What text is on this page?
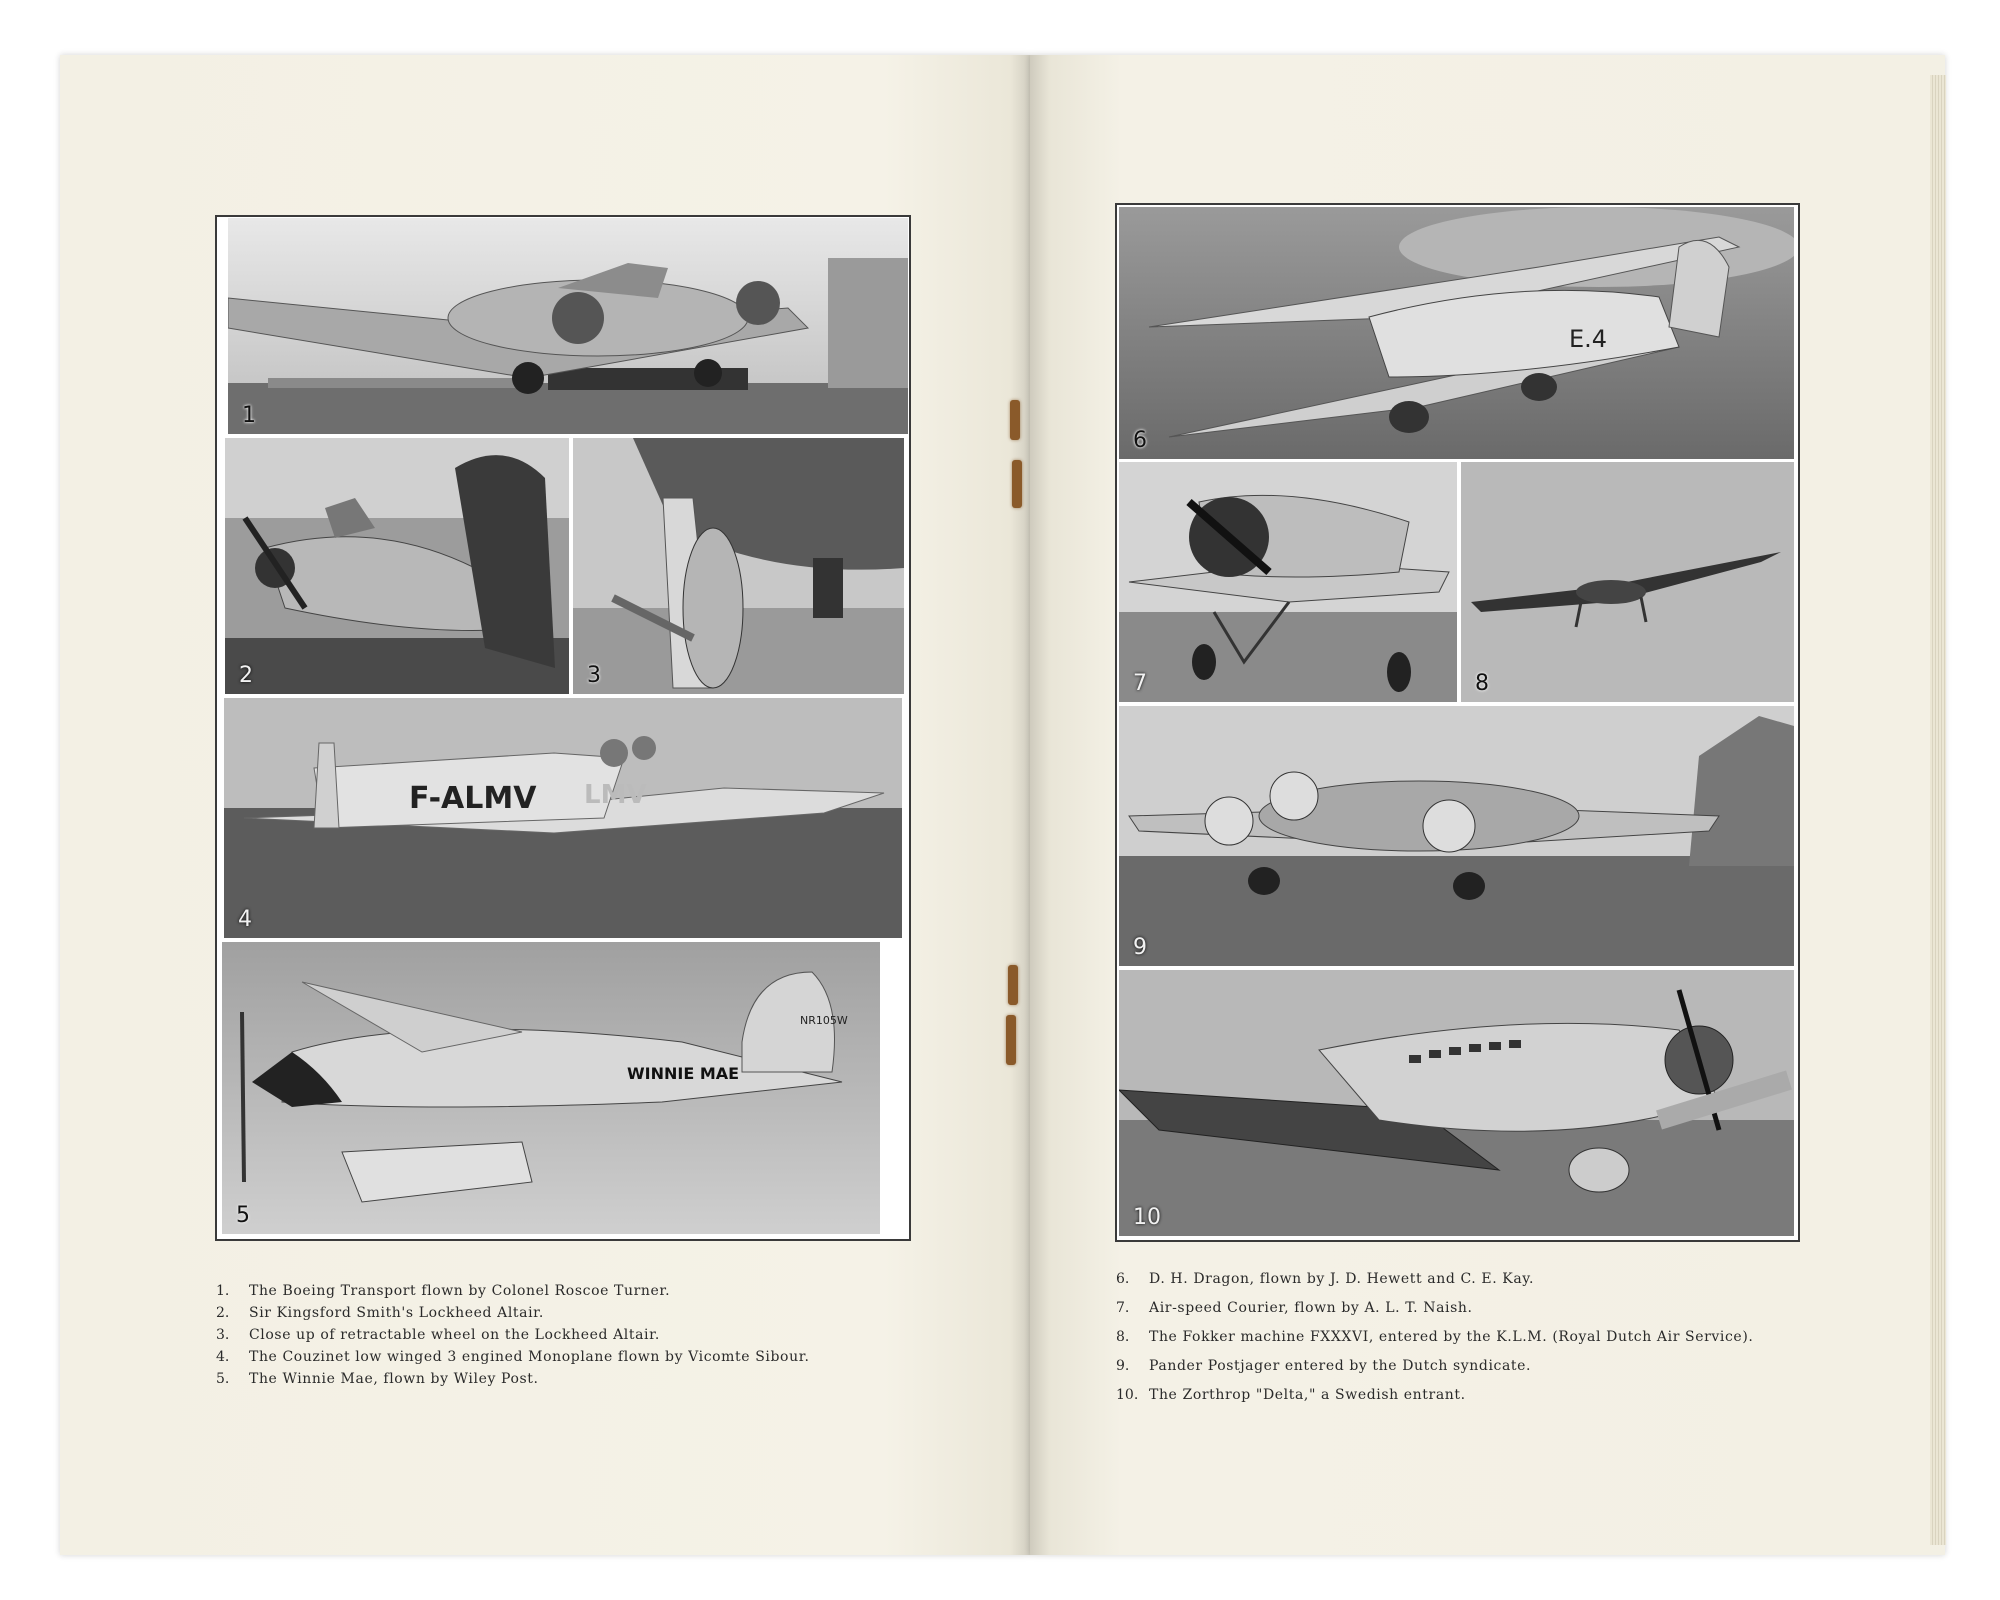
1
2	3
F-ALMV LMV
4
WINNIE MAE
NR105W
5
1.	The Boeing Transport flown by Colonel Roscoe Turner.
2.	Sir Kingsford Smith's Lockheed Altair.
3.	Close up of retractable wheel on the Lockheed Altair.
4.	The Couzinet low winged 3 engined Monoplane flown by Vicomte Sibour.
5.	The Winnie Mae, flown by Wiley Post.
E.4
6
7	8
9
10
6.	D. H. Dragon, flown by J. D. Hewett and C. E. Kay.
7.	Air-speed Courier, flown by A. L. T. Naish.
8.	The Fokker machine FXXXVI, entered by the K.L.M. (Royal Dutch Air Service).
9.	Pander Postjager entered by the Dutch syndicate.
10. The Zorthrop "Delta," a Swedish entrant.
